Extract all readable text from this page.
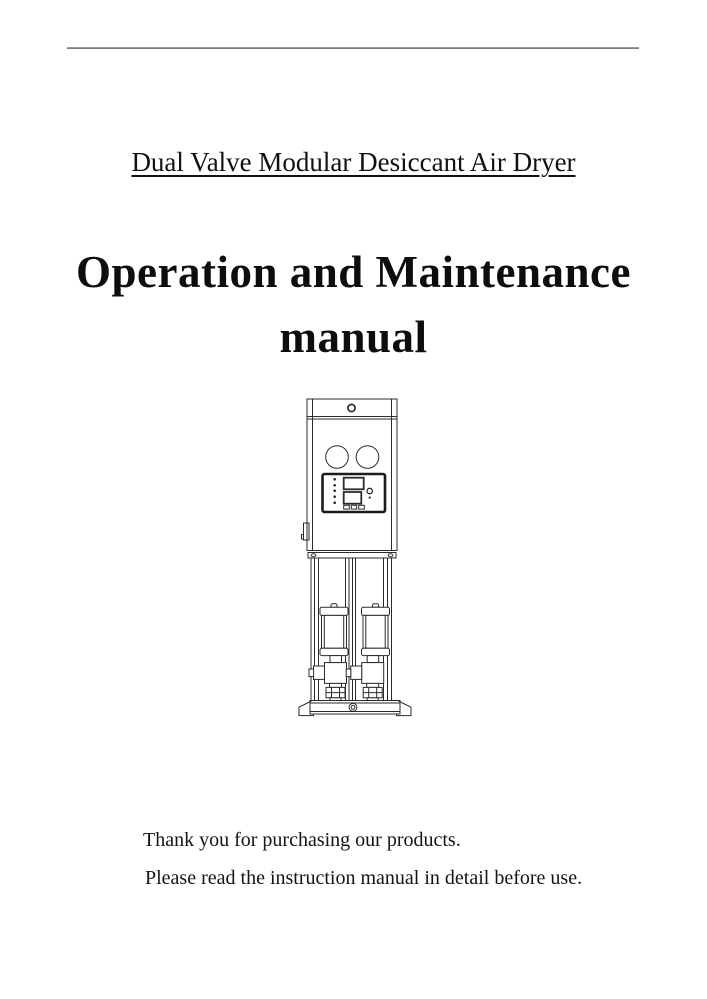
Dual Valve Modular Desiccant Air Dryer
Operation and Maintenance
manual
Thank you for purchasing our products.
Please read the instruction manual in detail before use.
